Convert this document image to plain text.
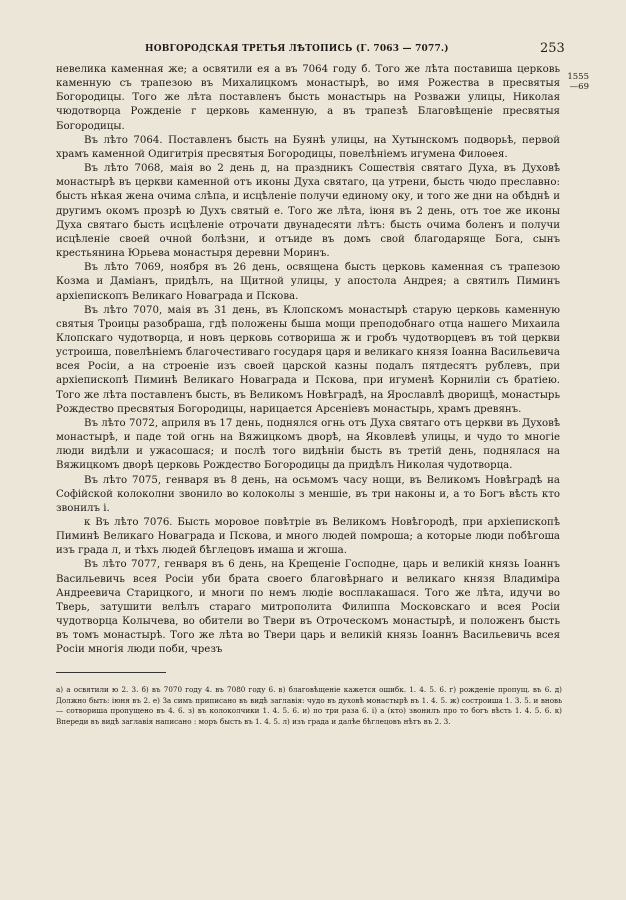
НОВГОРОДСКАЯ ТРЕТЬЯ ЛѢТОПИСЬ (Г. 7063 — 7077.)	253
1555
—69

невелика каменная же; а освятили ея а въ 7064 году б. Того же лѣта поставиша церковь каменную съ трапезою въ Михалицкомъ монастырѣ, во имя Рожества в пресвятыя Богородицы. Того же лѣта поставленъ бысть монастырь на Розважи улицы, Николая чюдотворца Рожденіе г церковь каменную, а въ трапезѣ Благовѣщеніе пресвятыя Богородицы.

Въ лѣто 7064. Поставленъ бысть на Буянѣ улицы, на Хутынскомъ подворьѣ, первой храмъ каменной Одигитрія пресвятыя Богородицы, повелѣніемъ игумена Филоѳея.

Въ лѣто 7068, маія во 2 день д, на праздникъ Сошествія святаго Духа, въ Духовѣ монастырѣ въ церкви каменной отъ иконы Духа святаго, ца утрени, бысть чюдо преславно: бысть нѣкая жена очима слѣпа, и исцѣленіе получи единому оку, и того же дни на обѣднѣ и другимъ окомъ прозрѣ ю Духъ святый е. Того же лѣта, іюня въ 2 день, отъ тое же иконы Духа святаго бысть исцѣленіе отрочати двунадесяти лѣтъ: бысть очима боленъ и получи исцѣленіе своей очной болѣзни, и отъиде въ домъ свой благодаряще Бога, сынъ крестьянина Юрьева монастыря деревни Моринъ.

Въ лѣто 7069, ноября въ 26 день, освящена бысть церковь каменная съ трапезою Козма и Даміанъ, придѣлъ, на Щитной улицы, у апостола Андрея; а святилъ Пиминъ архіепископъ Великаго Новаграда и Пскова.

Въ лѣто 7070, маія въ 31 день, въ Клопскомъ монастырѣ старую церковь каменную святыя Троицы разобраша, гдѣ положены быша мощи преподобнаго отца нашего Михаила Клопскаго чудотворца, и новъ церковь сотвориша ж и гробъ чудотворцевъ въ той церкви устроиша, повелѣніемъ благочестиваго государя царя и великаго князя Іоанна Васильевича всея Росіи, а на строеніе изъ своей царской казны подалъ пятдесятъ рублевъ, при архіепископѣ Пиминѣ Великаго Новаграда и Пскова, при игуменѣ Корниліи съ братіею. Того же лѣта поставленъ бысть, въ Великомъ Новѣградѣ, на Ярославлѣ дворищѣ, монастырь Рождество пресвятыя Богородицы, нарицается Арсеніевъ монастырь, храмъ древянъ.

Въ лѣто 7072, априля въ 17 день, поднялся огнь отъ Духа святаго отъ церкви въ Духовѣ монастырѣ, и паде той огнь на Вяжицкомъ дворѣ, на Яковлевѣ улицы, и чудо то многіе люди видѣли и ужасошася; и послѣ того видѣніи бысть въ третій день, поднялася на Вяжицкомъ дворѣ церковь Рождество Богородицы да придѣлъ Николая чудотворца.

Въ лѣто 7075, генваря въ 8 день, на осьмомъ часу нощи, въ Великомъ Новѣградѣ на Софійской колоколни звонило во колоколы з меншіе, въ три наконы и, а то Богъ вѣсть кто звонилъ і.

к Въ лѣто 7076. Бысть моровое повѣтріе въ Великомъ Новѣгородѣ, при архіепископѣ Пиминѣ Великаго Новаграда и Пскова, и много людей помроша; а которые люди побѣгоша изъ града л, и тѣхъ людей бѣглецовъ имаша и жгоша.

Въ лѣто 7077, генваря въ 6 день, на Крещеніе Господне, царь и великій князь Іоаннъ Васильевичь всея Росіи уби брата своего благовѣрнаго и великаго князя Владиміра Андреевича Старицкого, и многи по немъ людіе восплакашася. Того же лѣта, идучи во Тверь, затушити велѣлъ стараго митрополита Филиппа Московскаго и всея Росіи чудотворца Колычева, во обители во Твери въ Отроческомъ монастырѣ, и положенъ бысть въ томъ монастырѣ. Того же лѣта во Твери царь и великій князь Іоаннъ Васильевичь всея Росіи многія люди поби, чрезъ

а) а освятили ю 2. 3. б) въ 7070 году 4. въ 7080 году 6. в) благовѣщеніе кажется ошибк. 1. 4. 5. 6. г) рожденіе пропущ. въ 6. д) Должно быть: іюня въ 2. е) За симъ приписано въ видѣ заглавія: чудо въ духовѣ монастырѣ въ 1. 4. 5. ж) состроиша 1. 3. 5. и вновь — сотвориша пропущено въ 4. 6. з) въ колоколчики 1. 4. 5. 6. и) по три раза 6. і) а (кто) звонилъ про то богъ вѣсть 1. 4. 5. 6. к) Впереди въ видѣ заглавія написано : моръ бысть въ 1. 4. 5. л) изъ града и далѣе бѣглецовъ нѣтъ въ 2. 3.
